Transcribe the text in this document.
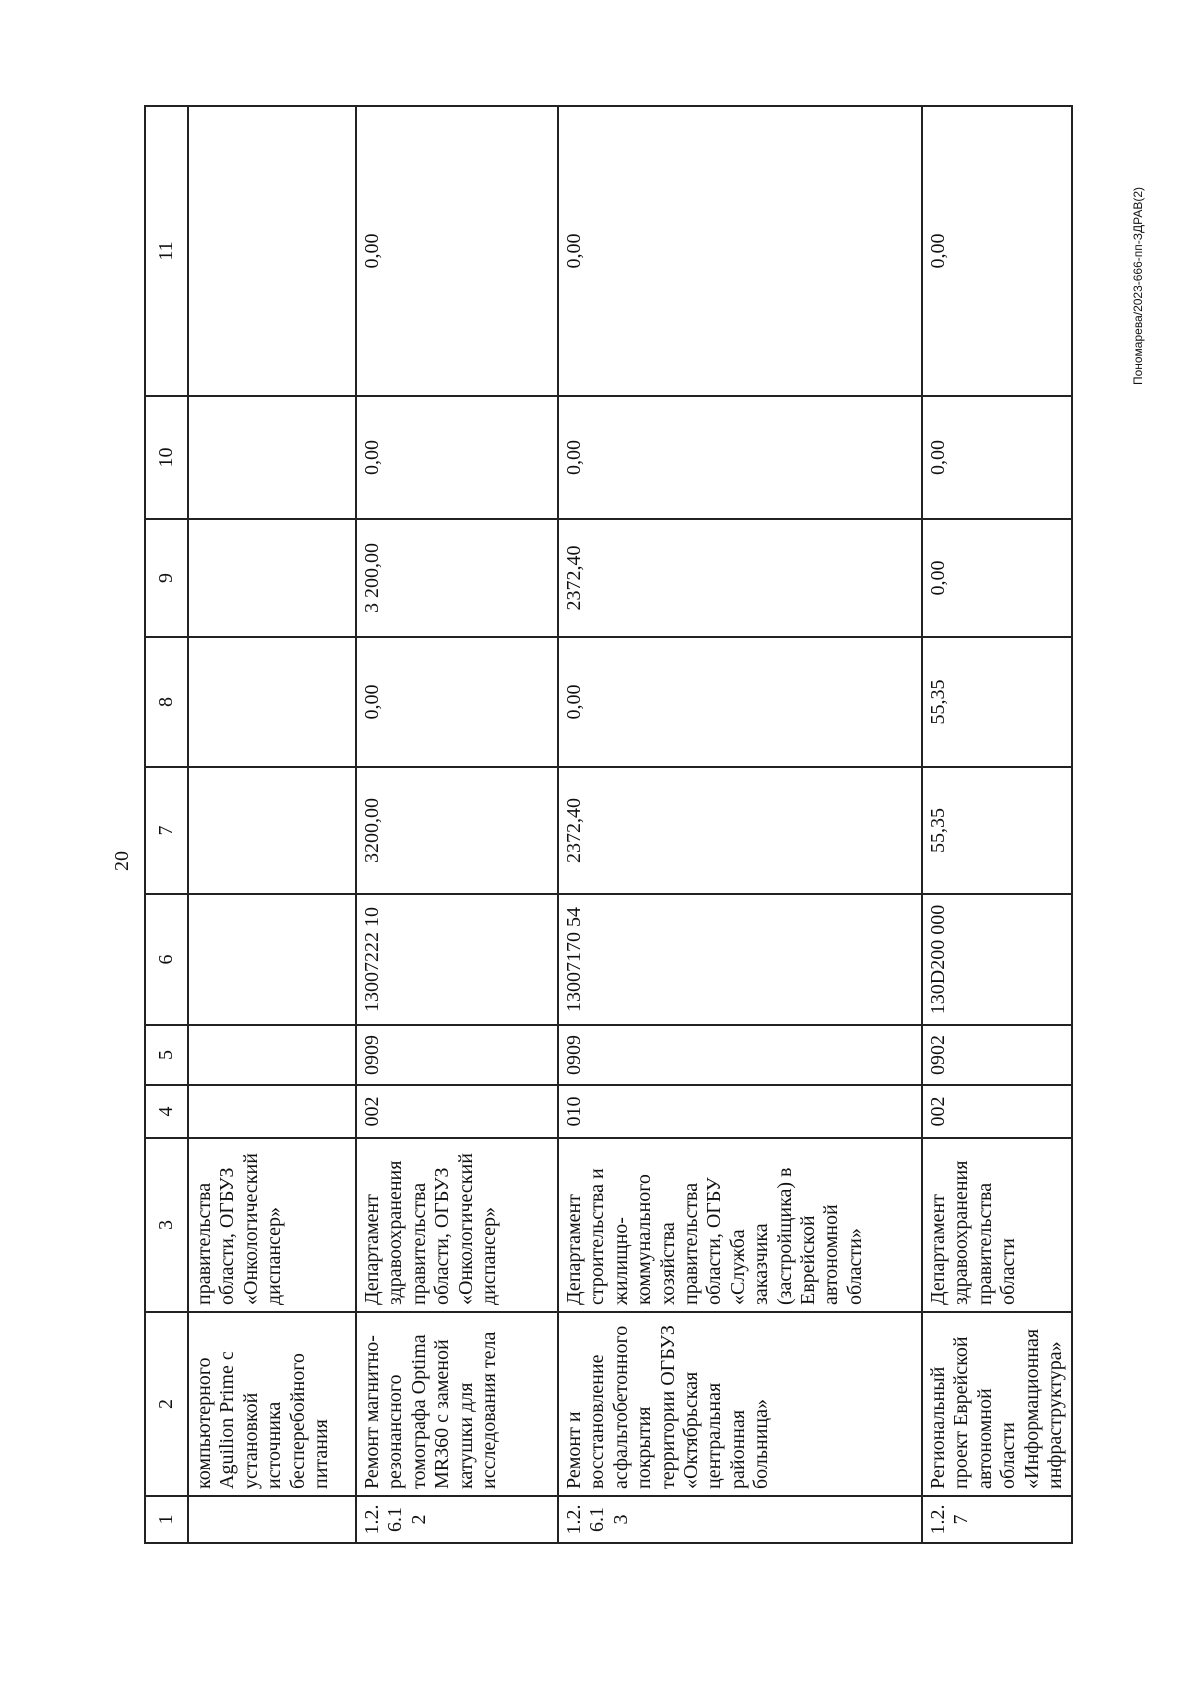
20
Пономарева/2023-666-пп-ЗДРАВ(2)
1	2	3	4	5	6	7	8	9	10	11
	компьютерного Aguilion Prime с установкой источника бесперебойного питания	правительства области, ОГБУЗ «Онкологический диспансер»								
1.2.6.1 2	Ремонт магнитно-резонансного томографа Optima MR360 с заменой катушки для исследования тела	Департамент здравоохранения правительства области, ОГБУЗ «Онкологический диспансер»	002	0909	13007222 10	3200,00	0,00	3 200,00	0,00	0,00
1.2.6.1 3	Ремонт и восстановление асфальтобетонного покрытия территории ОГБУЗ «Октябрьская центральная районная больница»	Департамент строительства и жилищно-коммунального хозяйства правительства области, ОГБУ «Служба заказчика (застройщика) в Еврейской автономной области»	010	0909	13007170 54	2372,40	0,00	2372,40	0,00	0,00
1.2.7	Региональный проект Еврейской автономной области «Информационная инфраструктура»	Департамент здравоохранения правительства области	002	0902	130D200 000	55,35	55,35	0,00	0,00	0,00
